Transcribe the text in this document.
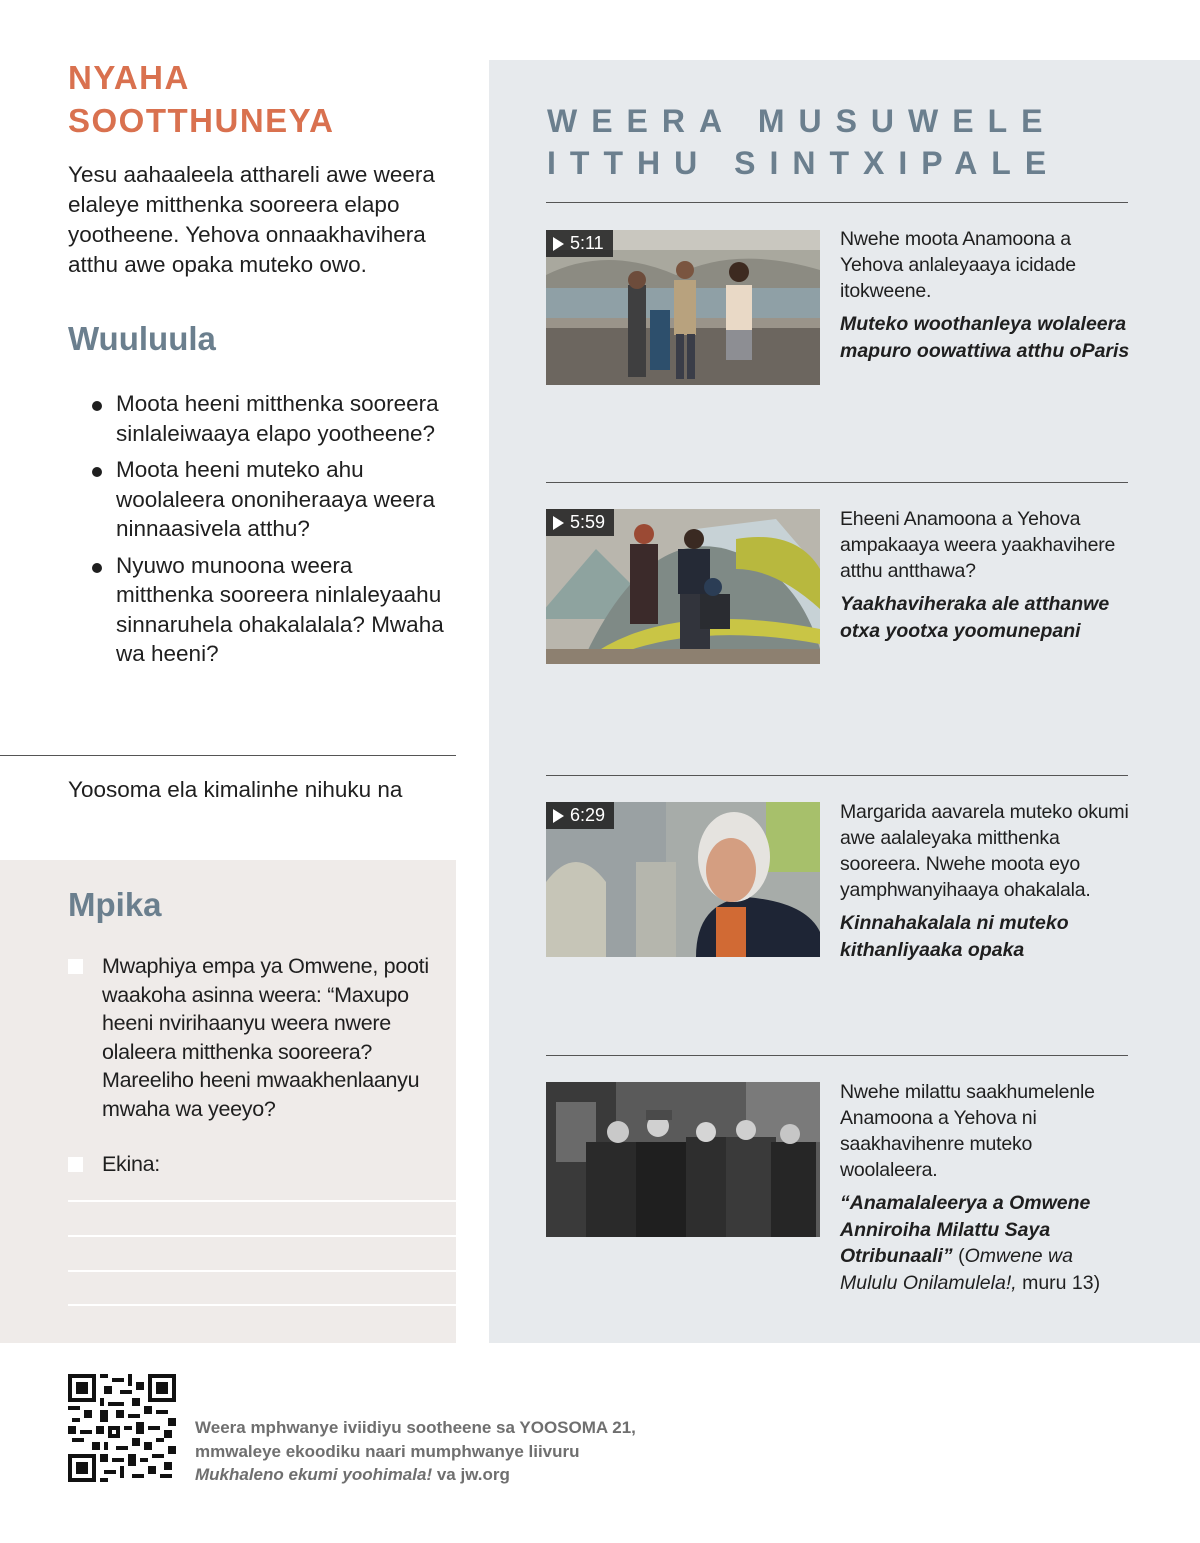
NYAHA SOOTTHUNEYA

Yesu aahaaleela atthareli awe weera elaleye mitthenka sooreera elapo yootheene. Yehova onnaakhavihera atthu awe opaka muteko owo.

Wuuluula
Moota heeni mitthenka sooreera sinlaleiwaaya elapo yootheene?
Moota heeni muteko ahu woolaleera ononiheraaya weera ninnaasivela atthu?
Nyuwo munoona weera mitthenka sooreera ninlaleyaahu sinnaruhela ohakalalala? Mwaha wa heeni?

Yoosoma ela kimalinhe nihuku na

Mpika
Mwaphiya empa ya Omwene, pooti waakoha asinna weera: “Maxupo heeni nvirihaanyu weera nwere olaleera mitthenka sooreera? Mareeliho heeni mwaakhenlaanyu mwaha wa yeeyo?
Ekina:
WEERA MUSUWELE ITTHU SINTXIPALE
5:11	Nwehe moota Anamoona a Yehova anlaleyaaya icidade itokweene.

Muteko woothanleya wolaleera mapuro oowattiwa atthu oParis

5:59	Eheeni Anamoona a Yehova ampakaaya weera yaakhavihere atthu antthawa?

Yaakhaviheraka ale atthanwe otxa yootxa yoomunepani

6:29	Margarida aavarela muteko okumi awe aalaleyaka mitthenka sooreera. Nwehe moota eyo yamphwanyihaaya ohakalala.

Kinnahakalala ni muteko kithanliyaaka opaka

Nwehe milattu saakhumelenle Anamoona a Yehova ni saakhavihenre muteko woolaleera.

“Anamalaleerya a Omwene Anniroiha Milattu Saya Otribunaali” (Omwene wa Mululu Onilamulela!, muru 13)

Weera mphwanye iviidiyu sootheene sa YOOSOMA 21,
mmwaleye ekoodiku naari mumphwanye liivuru
Mukhaleno ekumi yoohimala! va jw.org
